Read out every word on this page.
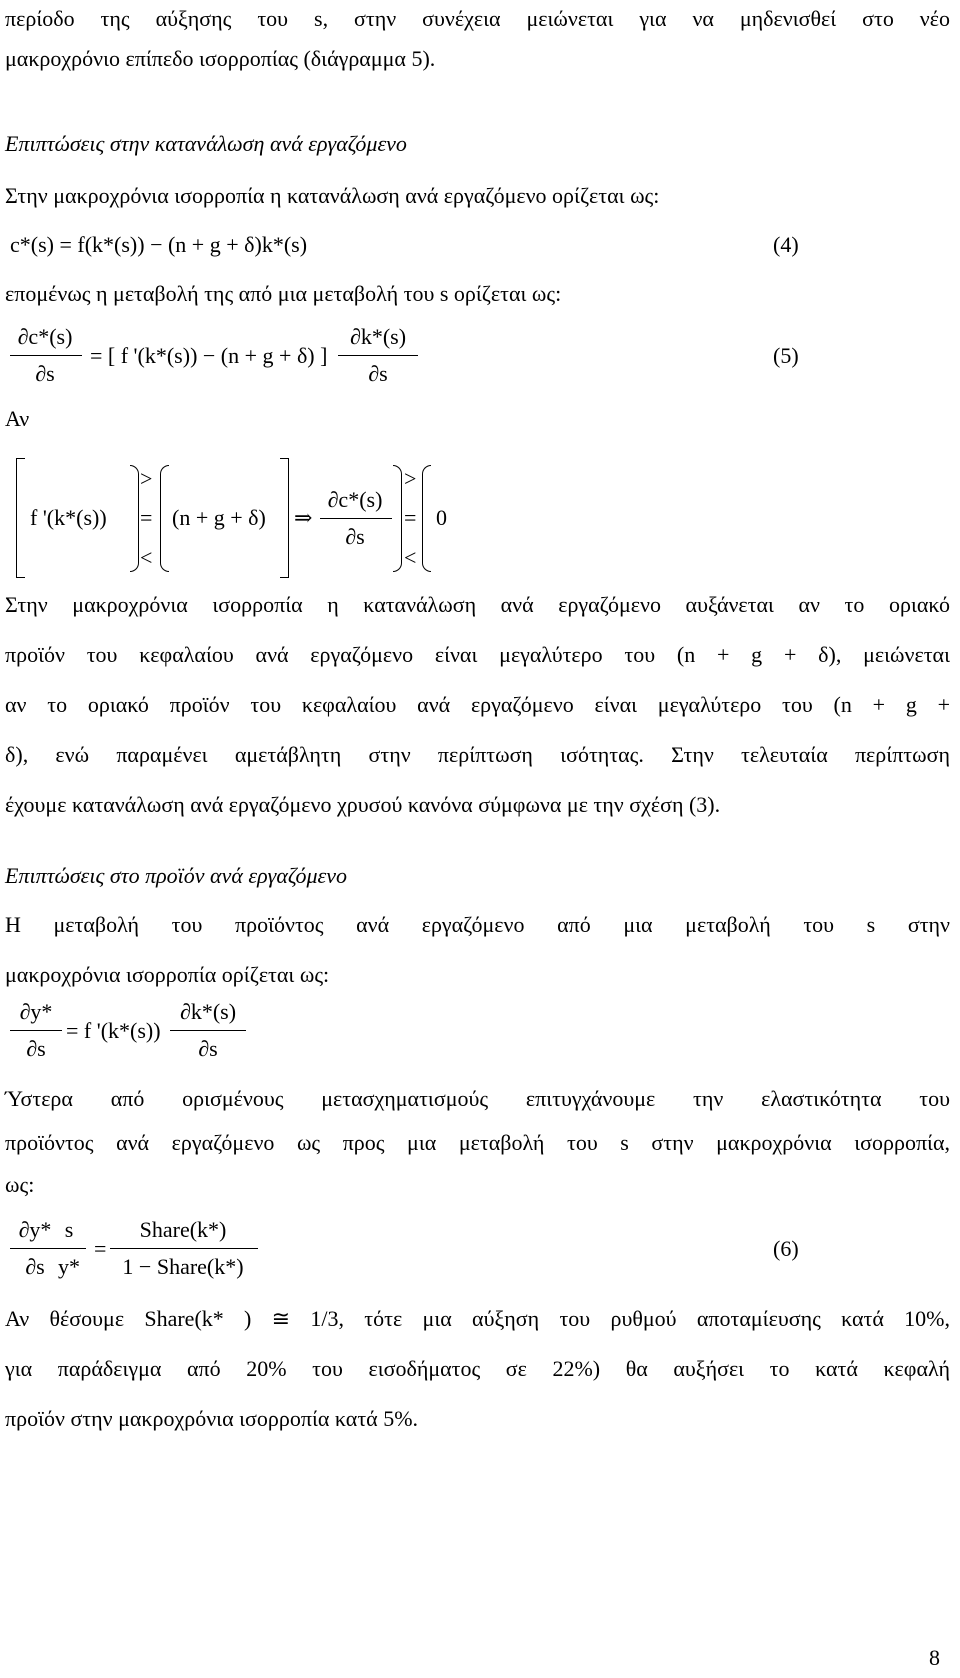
περίοδο της αύξησης του s, στην συνέχεια μειώνεται για να μηδενισθεί στο νέο
μακροχρόνιο επίπεδο ισορροπίας (διάγραμμα 5).
Επιπτώσεις στην κατανάλωση ανά εργαζόμενο
Στην μακροχρόνια ισορροπία η κατανάλωση ανά εργαζόμενο ορίζεται ως:
c*(s) = f(k*(s)) − (n + g + δ)k*(s)	(4)
επομένως η μεταβολή της από μια μεταβολή του s ορίζεται ως:
∂c*(s)
∂s
= [ f '(k*(s)) − (n + g + δ) ]
∂k*(s)
∂s
(5)
Αν
f '(k*(s))
>
=
<
(n + g + δ) ⇒
∂c*(s)
∂s
>
=
<
0
Στην μακροχρόνια ισορροπία η κατανάλωση ανά εργαζόμενο αυξάνεται αν το οριακό
προϊόν του κεφαλαίου ανά εργαζόμενο είναι μεγαλύτερο του (n + g + δ), μειώνεται
αν το οριακό προϊόν του κεφαλαίου ανά εργαζόμενο είναι μεγαλύτερο του (n + g +
δ), ενώ παραμένει αμετάβλητη στην περίπτωση ισότητας. Στην τελευταία περίπτωση
έχουμε κατανάλωση ανά εργαζόμενο χρυσού κανόνα σύμφωνα με την σχέση (3).
Επιπτώσεις στο προϊόν ανά εργαζόμενο
Η μεταβολή του προϊόντος ανά εργαζόμενο από μια μεταβολή του s στην
μακροχρόνια ισορροπία ορίζεται ως:
∂y*
∂s
= f '(k*(s))
∂k*(s)
∂s
Ύστερα από ορισμένους μετασχηματισμούς επιτυγχάνουμε την ελαστικότητα του
προϊόντος ανά εργαζόμενο ως προς μια μεταβολή του s στην μακροχρόνια ισορροπία,
ως:
∂y*
∂s
s
y*
=
Share(k*)
1 − Share(k*)
(6)
Αν θέσουμε Share(k* ) ≅ 1/3, τότε μια αύξηση του ρυθμού αποταμίευσης κατά 10%,
για παράδειγμα από 20% του εισοδήματος σε 22%) θα αυξήσει το κατά κεφαλή
προϊόν στην μακροχρόνια ισορροπία κατά 5%.
8
